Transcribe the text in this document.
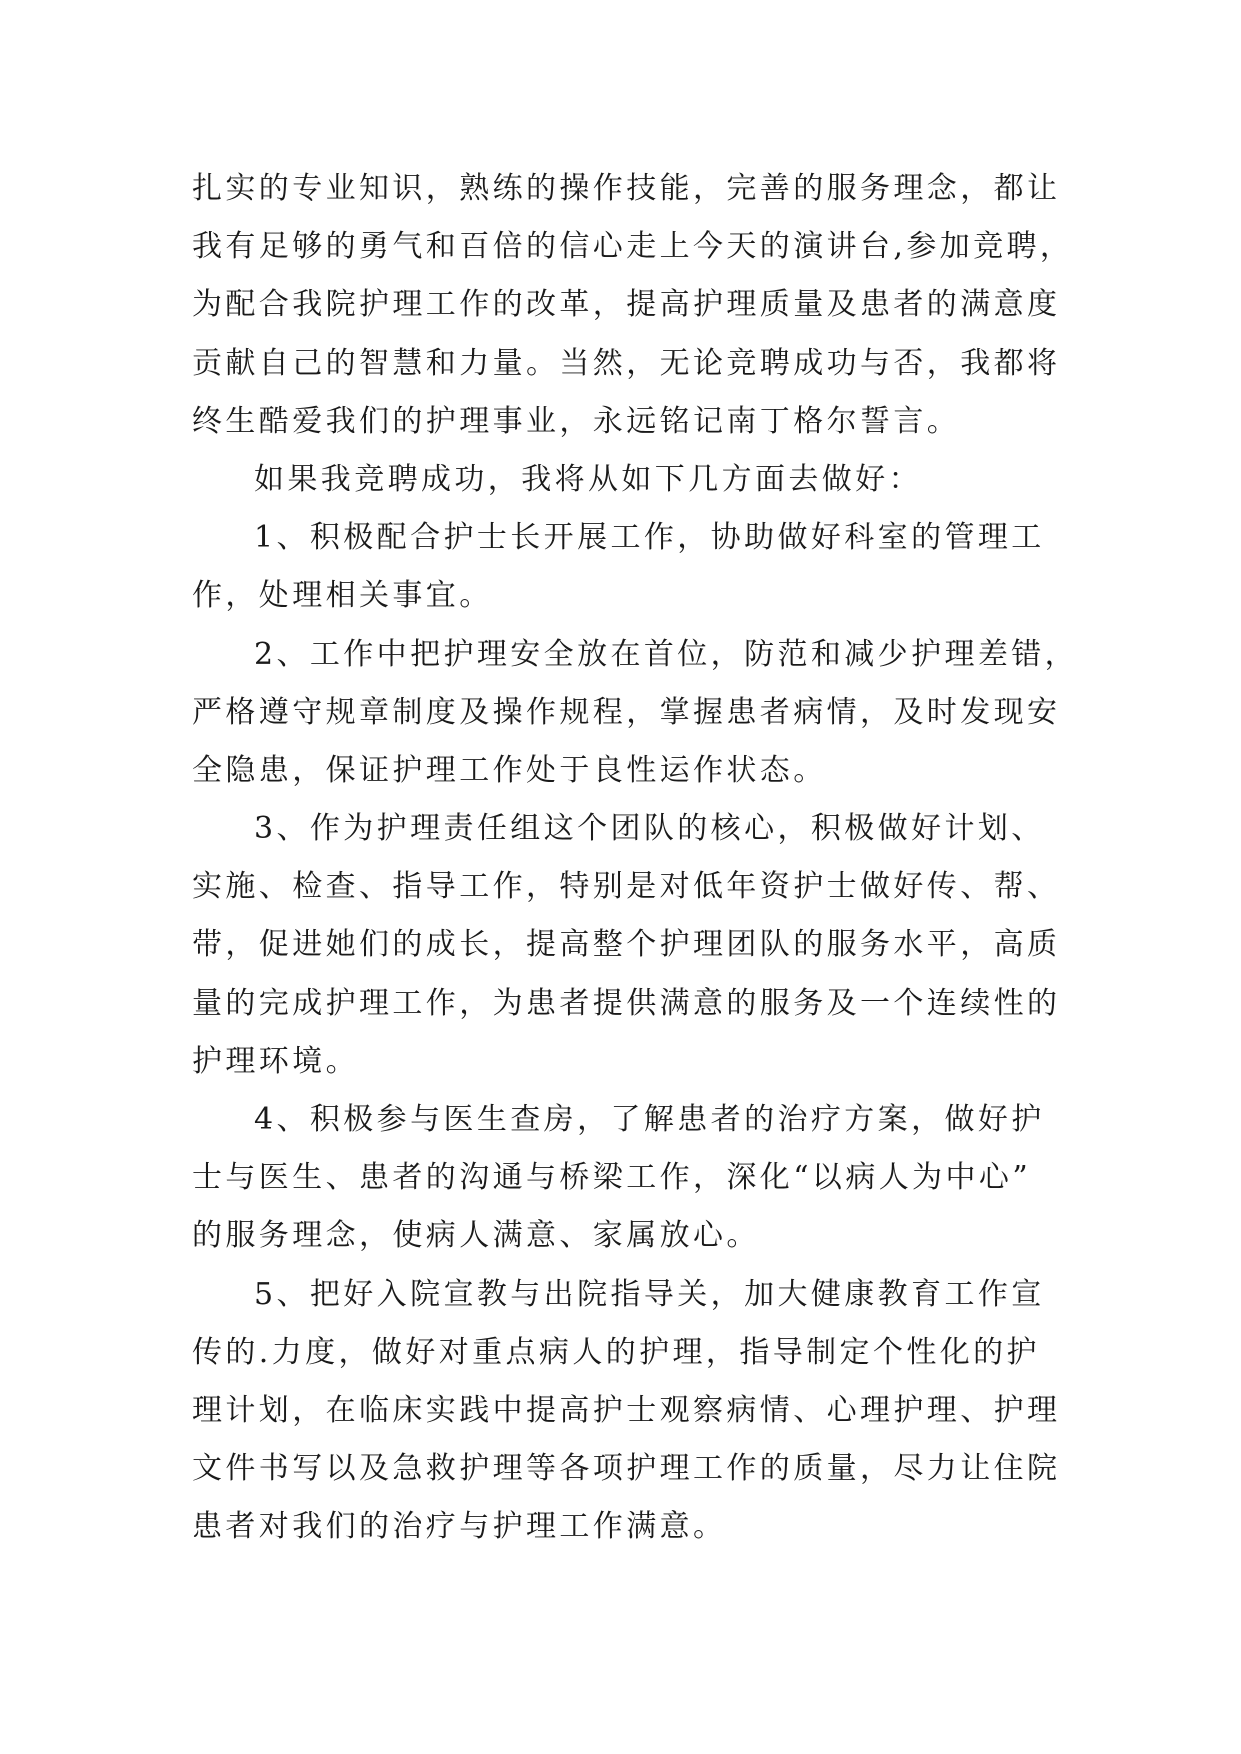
扎实的专业知识，熟练的操作技能，完善的服务理念，都让
我有足够的勇气和百倍的信心走上今天的演讲台,参加竞聘，
为配合我院护理工作的改革，提高护理质量及患者的满意度
贡献自己的智慧和力量。当然，无论竞聘成功与否，我都将
终生酷爱我们的护理事业，永远铭记南丁格尔誓言。
如果我竞聘成功，我将从如下几方面去做好：
1、积极配合护士长开展工作，协助做好科室的管理工
作，处理相关事宜。
2、工作中把护理安全放在首位，防范和减少护理差错，
严格遵守规章制度及操作规程，掌握患者病情，及时发现安
全隐患，保证护理工作处于良性运作状态。
3、作为护理责任组这个团队的核心，积极做好计划、
实施、检查、指导工作，特别是对低年资护士做好传、帮、
带，促进她们的成长，提高整个护理团队的服务水平，高质
量的完成护理工作，为患者提供满意的服务及一个连续性的
护理环境。
4、积极参与医生查房，了解患者的治疗方案，做好护
士与医生、患者的沟通与桥梁工作，深化“以病人为中心”
的服务理念，使病人满意、家属放心。
5、把好入院宣教与出院指导关，加大健康教育工作宣
传的.力度，做好对重点病人的护理，指导制定个性化的护
理计划，在临床实践中提高护士观察病情、心理护理、护理
文件书写以及急救护理等各项护理工作的质量，尽力让住院
患者对我们的治疗与护理工作满意。
